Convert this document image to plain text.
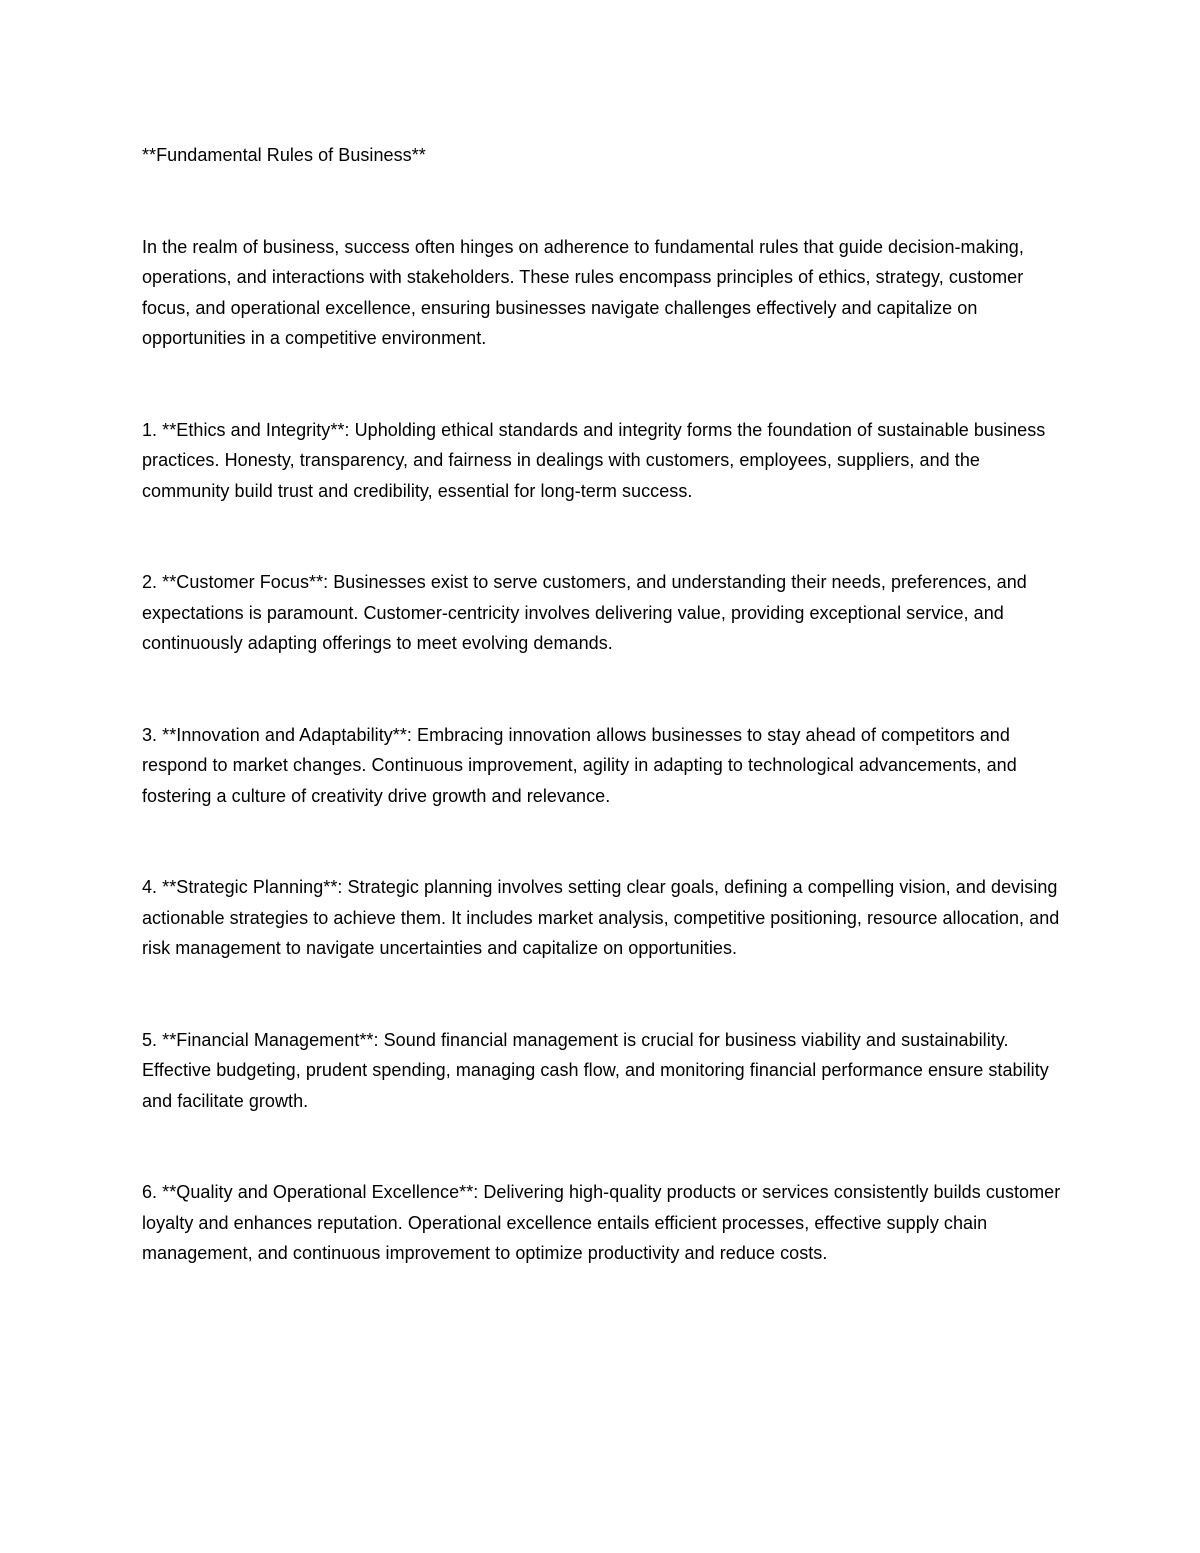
**Fundamental Rules of Business**
In the realm of business, success often hinges on adherence to fundamental rules that guide decision-making, operations, and interactions with stakeholders. These rules encompass principles of ethics, strategy, customer focus, and operational excellence, ensuring businesses navigate challenges effectively and capitalize on opportunities in a competitive environment.
1. **Ethics and Integrity**: Upholding ethical standards and integrity forms the foundation of sustainable business practices. Honesty, transparency, and fairness in dealings with customers, employees, suppliers, and the community build trust and credibility, essential for long-term success.
2. **Customer Focus**: Businesses exist to serve customers, and understanding their needs, preferences, and expectations is paramount. Customer-centricity involves delivering value, providing exceptional service, and continuously adapting offerings to meet evolving demands.
3. **Innovation and Adaptability**: Embracing innovation allows businesses to stay ahead of competitors and respond to market changes. Continuous improvement, agility in adapting to technological advancements, and fostering a culture of creativity drive growth and relevance.
4. **Strategic Planning**: Strategic planning involves setting clear goals, defining a compelling vision, and devising actionable strategies to achieve them. It includes market analysis, competitive positioning, resource allocation, and risk management to navigate uncertainties and capitalize on opportunities.
5. **Financial Management**: Sound financial management is crucial for business viability and sustainability. Effective budgeting, prudent spending, managing cash flow, and monitoring financial performance ensure stability and facilitate growth.
6. **Quality and Operational Excellence**: Delivering high-quality products or services consistently builds customer loyalty and enhances reputation. Operational excellence entails efficient processes, effective supply chain management, and continuous improvement to optimize productivity and reduce costs.
